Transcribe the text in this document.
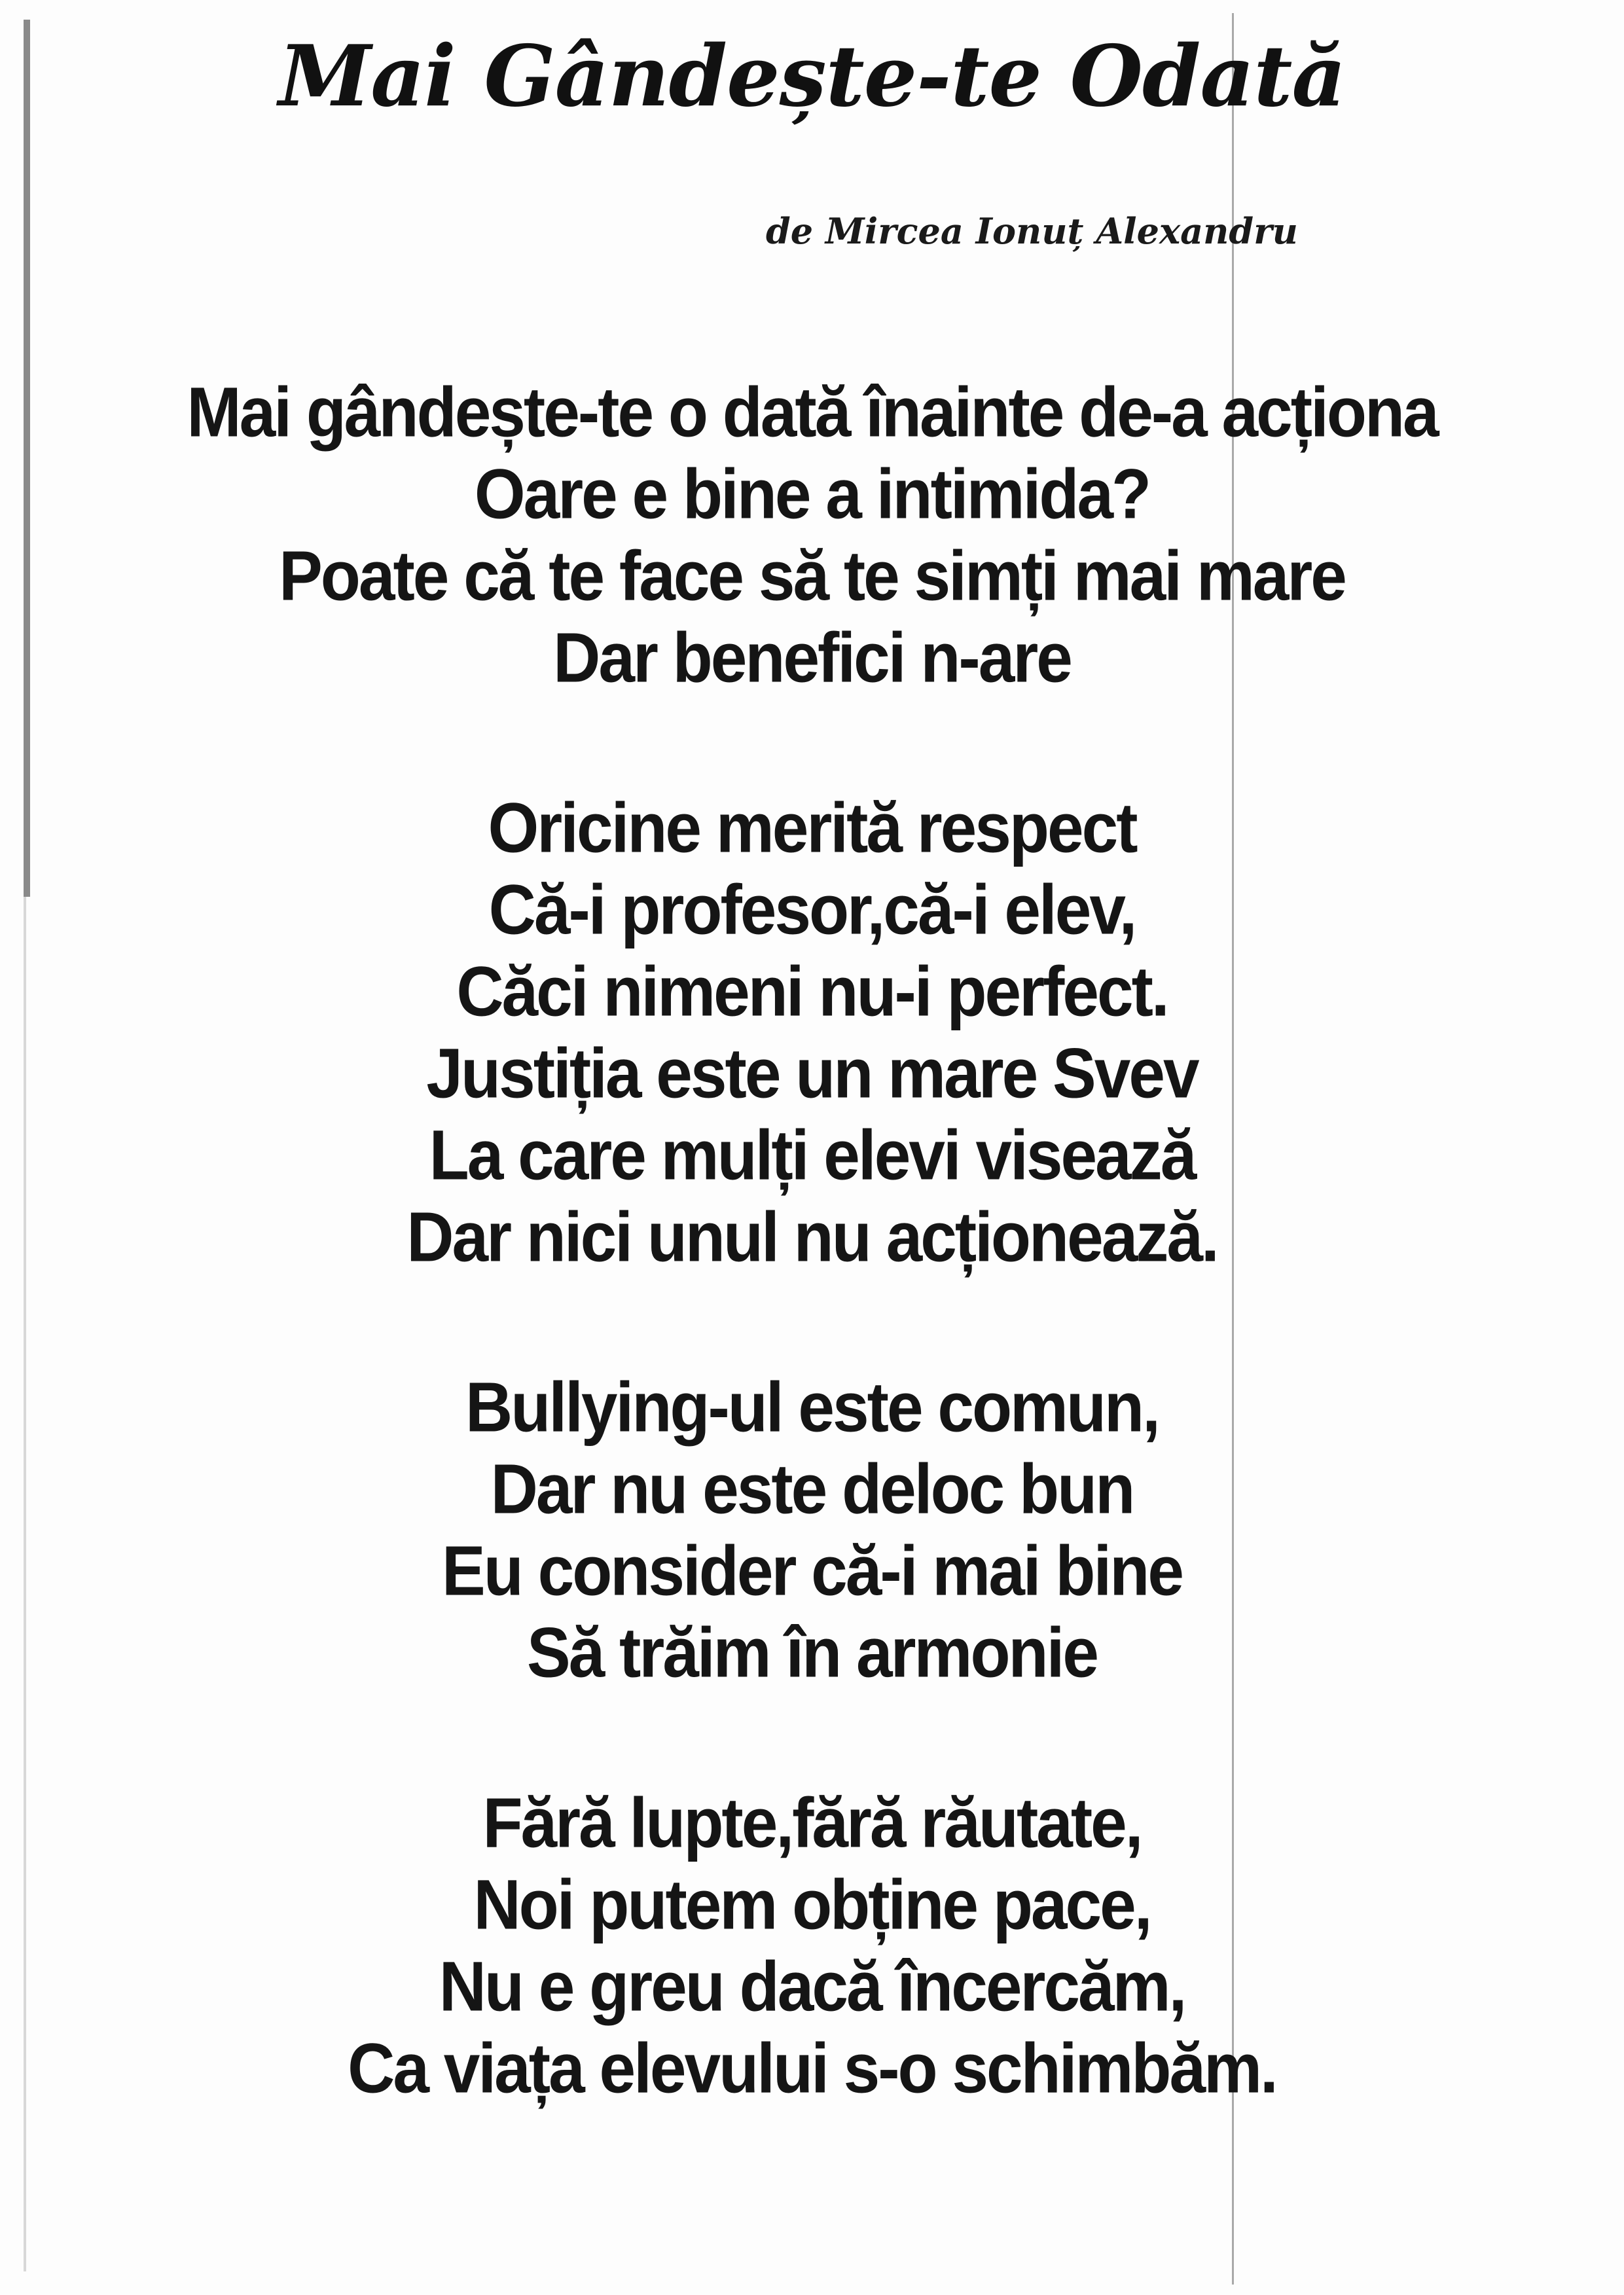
Mai Gândește-te Odată
de Mircea Ionuț Alexandru
Mai gândește-te o dată înainte de-a acționa
Oare e bine a intimida?
Poate că te face să te simți mai mare
Dar benefici n-are
Oricine merită respect
Că-i profesor,că-i elev,
Căci nimeni nu-i perfect.
Justiția este un mare Svev
La care mulți elevi visează
Dar nici unul nu acționează.
Bullying-ul este comun,
Dar nu este deloc bun
Eu consider că-i mai bine
Să trăim în armonie
Fără lupte,fără răutate,
Noi putem obține pace,
Nu e greu dacă încercăm,
Ca viața elevului s-o schimbăm.
